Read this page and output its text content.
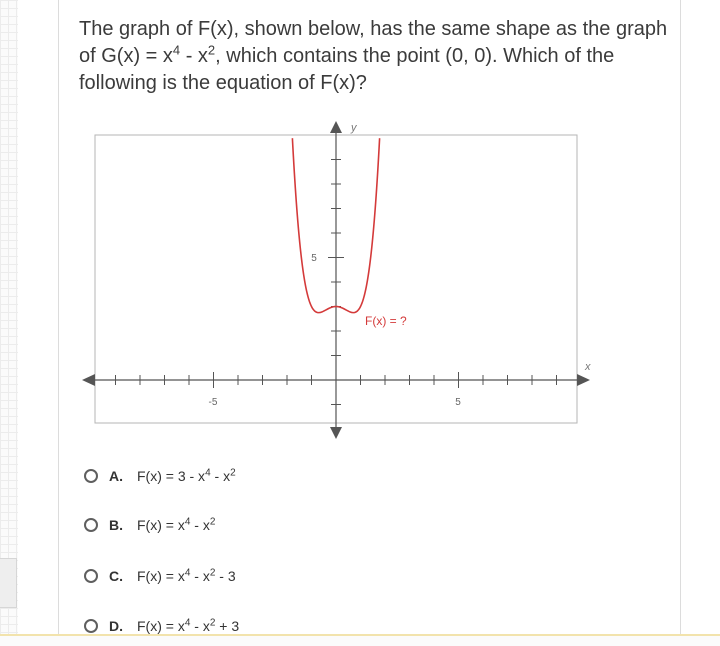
The graph of F(x), shown below, has the same shape as the graph of $G(x) = x^4 - x^2$, which contains the point (0, 0). Which of the following is the equation of F(x)?

y
x
-5	5
5
F(x) = ?
A. $F(x) = 3 - x^4 - x^2$
B. $F(x) = x^4 - x^2$
C. $F(x) = x^4 - x^2 - 3$
D. $F(x) = x^4 - x^2 + 3$
